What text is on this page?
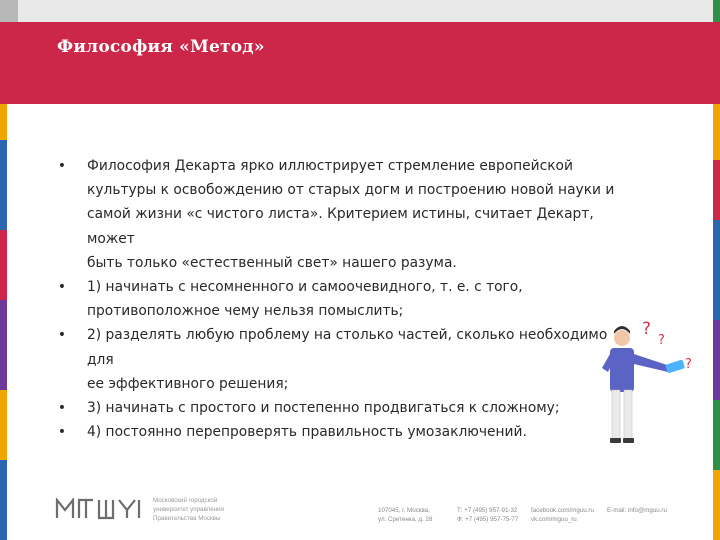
Философия «Метод»
• Философия Декарта ярко иллюстрирует стремление европейской
культуры к освобождению от старых догм и построению новой науки и
самой жизни «с чистого листа». Критерием истины, считает Декарт, может
быть только «естественный свет» нашего разума.
• 1) начинать с несомненного и самоочевидного, т. е. с того,
противоположное чему нельзя помыслить;
• 2) разделять любую проблему на столько частей, сколько необходимо для
ее эффективного решения;
• 3) начинать с простого и постепенно продвигаться к сложному;
• 4) постоянно перепроверять правильность умозаключений.
?
?
?
Московский городской
университет управления
Правительства Москвы
107045, г. Москва,
ул. Сретенка, д. 28
Т: +7 (495) 957-91-32
Ф: +7 (495) 957-75-77
facebook.com/mguu.ru
vk.com/mguu_ru
E-mail: info@mguu.ru
